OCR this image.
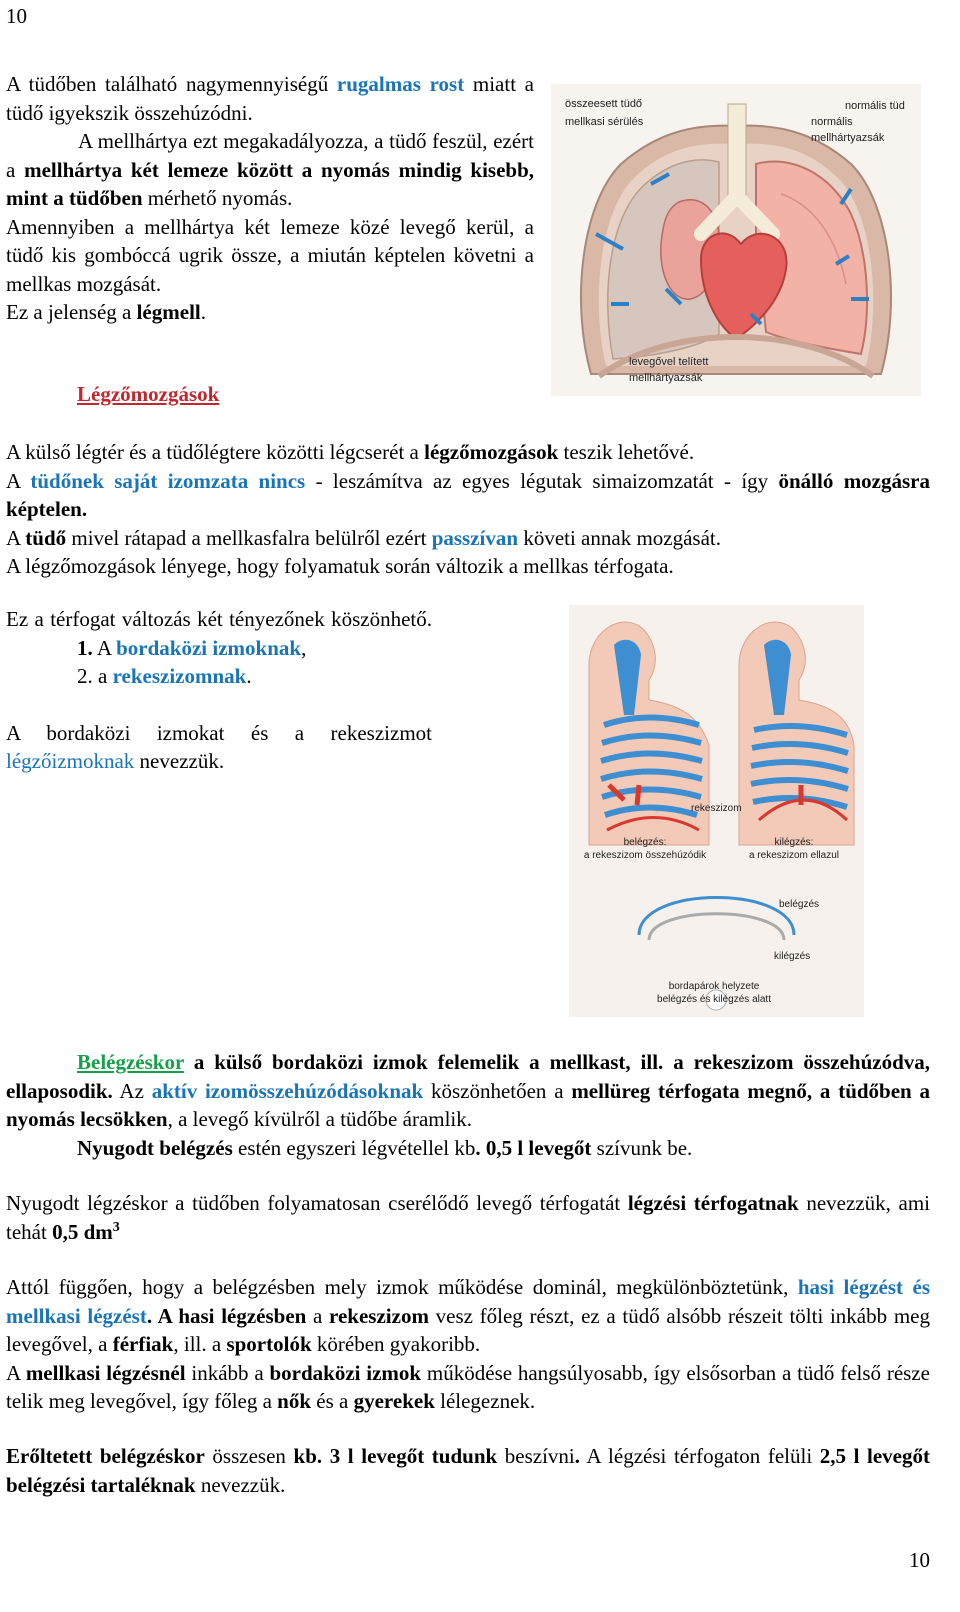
10

A tüdőben található nagymennyiségű rugalmas rost miatt a tüdő igyekszik összehúzódni.

A mellhártya ezt megakadályozza, a tüdő feszül, ezért a mellhártya két lemeze között a nyomás mindig kisebb, mint a tüdőben mérhető nyomás.

Amennyiben a mellhártya két lemeze közé levegő kerül, a tüdő kis gombóccá ugrik össze, a miután képtelen követni a mellkas mozgását.

Ez a jelenség a légmell.

összeesett tüdő
mellkasi sérülés
normális tüd
normális
mellhártyazsák
levegővel telített
mellhártyazsák
Légzőmozgások

A külső légtér és a tüdőlégtere közötti légcserét a légzőmozgások teszik lehetővé.

A tüdőnek saját izomzata nincs - leszámítva az egyes légutak simaizomzatát - így önálló mozgásra képtelen.

A tüdő mivel rátapad a mellkasfalra belülről ezért passzívan követi annak mozgását.

A légzőmozgások lényege, hogy folyamatuk során változik a mellkas térfogata.

Ez a térfogat változás két tényezőnek köszönhető.

1. A bordaközi izmoknak,

2. a rekeszizomnak.

A bordaközi izmokat és a rekeszizmot légzőizmoknak nevezzük.

rekeszizom
belégzés:
a rekeszizom összehúzódik
kilégzés:
a rekeszizom ellazul
belégzés
kilégzés
bordapárok helyzete
belégzés és kilégzés alatt

Belégzéskor a külső bordaközi izmok felemelik a mellkast, ill. a rekeszizom összehúzódva, ellaposodik. Az aktív izomösszehúzódásoknak köszönhetően a mellüreg térfogata megnő, a tüdőben a nyomás lecsökken, a levegő kívülről a tüdőbe áramlik.

Nyugodt belégzés estén egyszeri légvétellel kb. 0,5 l levegőt szívunk be.

Nyugodt légzéskor a tüdőben folyamatosan cserélődő levegő térfogatát légzési térfogatnak nevezzük, ami tehát 0,5 $dm^3$

Attól függően, hogy a belégzésben mely izmok működése dominál, megkülönböztetünk, hasi légzést és mellkasi légzést. A hasi légzésben a rekeszizom vesz főleg részt, ez a tüdő alsóbb részeit tölti inkább meg levegővel, a férfiak, ill. a sportolók körében gyakoribb.

A mellkasi légzésnél inkább a bordaközi izmok működése hangsúlyosabb, így elsősorban a tüdő felső része telik meg levegővel, így főleg a nők és a gyerekek lélegeznek.

Erőltetett belégzéskor összesen kb. 3 l levegőt tudunk beszívni. A légzési térfogaton felüli 2,5 l levegőt belégzési tartaléknak nevezzük.

10
